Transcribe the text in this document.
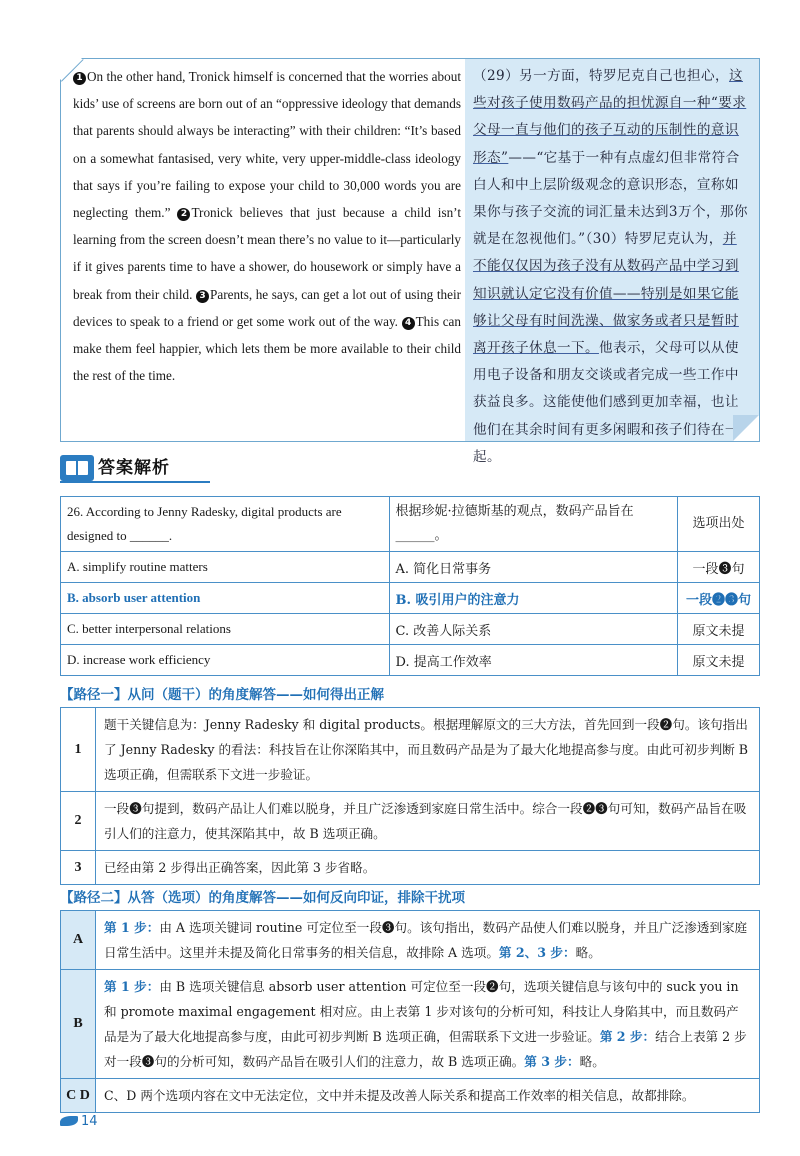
1 On the other hand, Tronick himself is concerned that the worries about kids’ use of screens are born out of an “oppressive ideology that demands that parents should always be interacting” with their children: “It’s based on a somewhat fantasised, very white, very upper-middle-class ideology that says if you’re failing to expose your child to 30,000 words you are neglecting them.” 2 Tronick believes that just because a child isn’t learning from the screen doesn’t mean there’s no value to it—particularly if it gives parents time to have a shower, do housework or simply have a break from their child. 3 Parents, he says, can get a lot out of using their devices to speak to a friend or get some work out of the way. 4 This can make them feel happier, which lets them be more available to their child the rest of the time.
（29）另一方面，特罗尼克自己也担心，这些对孩子使用数码产品的担忧源自一种“要求父母一直与他们的孩子互动的压制性的意识形态”——“它基于一种有点虚幻但非常符合白人和中上层阶级观念的意识形态，宣称如果你与孩子交流的词汇量未达到3万个，那你就是在忽视他们。”（30）特罗尼克认为，并不能仅仅因为孩子没有从数码产品中学习到知识就认定它没有价值——特别是如果它能够让父母有时间洗澡、做家务或者只是暂时离开孩子休息一下。他表示，父母可以从使用电子设备和朋友交谈或者完成一些工作中获益良多。这能使他们感到更加幸福，也让他们在其余时间有更多闲暇和孩子们待在一起。
答案解析
26. According to Jenny Radesky, digital products are designed to ______.	根据珍妮·拉德斯基的观点，数码产品旨在______。	选项出处
A. simplify routine matters	A. 简化日常事务	一段❸句
B. absorb user attention	B. 吸引用户的注意力	一段❷❸句
C. better interpersonal relations	C. 改善人际关系	原文未提
D. increase work efficiency	D. 提高工作效率	原文未提
【路径一】从问（题干）的角度解答——如何得出正解
1	题干关键信息为：Jenny Radesky 和 digital products。根据理解原文的三大方法，首先回到一段❷句。该句指出了 Jenny Radesky 的看法：科技旨在让你深陷其中，而且数码产品是为了最大化地提高参与度。由此可初步判断 B 选项正确，但需联系下文进一步验证。
2	一段❸句提到，数码产品让人们难以脱身，并且广泛渗透到家庭日常生活中。综合一段❷❸句可知，数码产品旨在吸引人们的注意力，使其深陷其中，故 B 选项正确。
3	已经由第 2 步得出正确答案，因此第 3 步省略。
【路径二】从答（选项）的角度解答——如何反向印证，排除干扰项
A	第 1 步：由 A 选项关键词 routine 可定位至一段❸句。该句指出，数码产品使人们难以脱身，并且广泛渗透到家庭日常生活中。这里并未提及简化日常事务的相关信息，故排除 A 选项。第 2、3 步：略。
B	第 1 步：由 B 选项关键信息 absorb user attention 可定位至一段❷句，选项关键信息与该句中的 suck you in 和 promote maximal engagement 相对应。由上表第 1 步对该句的分析可知，科技让人身陷其中，而且数码产品是为了最大化地提高参与度，由此可初步判断 B 选项正确，但需联系下文进一步验证。第 2 步：结合上表第 2 步对一段❸句的分析可知，数码产品旨在吸引人们的注意力，故 B 选项正确。第 3 步：略。
C D	C、D 两个选项内容在文中无法定位，文中并未提及改善人际关系和提高工作效率的相关信息，故都排除。
14
